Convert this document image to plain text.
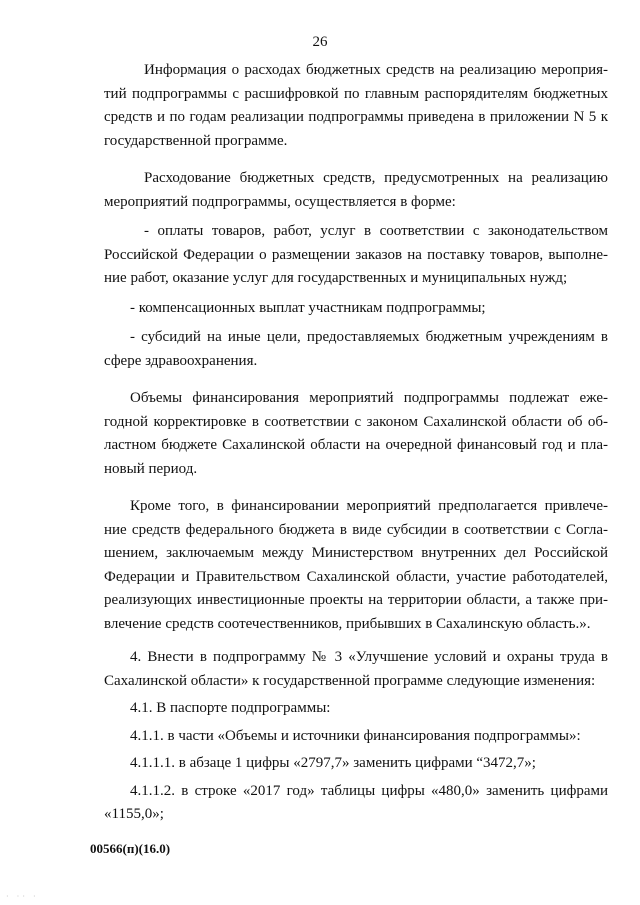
26
Информация о расходах бюджетных средств на реализацию мероприя-
тий подпрограммы с расшифровкой по главным распорядителям бюджетных
средств и по годам реализации подпрограммы приведена в приложении N 5 к
государственной программе.
Расходование бюджетных средств, предусмотренных на реализацию
мероприятий подпрограммы, осуществляется в форме:
- оплаты товаров, работ, услуг в соответствии с законодательством
Российской Федерации о размещении заказов на поставку товаров, выполне-
ние работ, оказание услуг для государственных и муниципальных нужд;
- компенсационных выплат участникам подпрограммы;
- субсидий на иные цели, предоставляемых бюджетным учреждениям в
сфере здравоохранения.
Объемы финансирования мероприятий подпрограммы подлежат еже-
годной корректировке в соответствии с законом Сахалинской области об об-
ластном бюджете Сахалинской области на очередной финансовый год и пла-
новый период.
Кроме того, в финансировании мероприятий предполагается привлече-
ние средств федерального бюджета в виде субсидии в соответствии с Согла-
шением, заключаемым между Министерством внутренних дел Российской
Федерации и Правительством Сахалинской области, участие работодателей,
реализующих инвестиционные проекты на территории области, а также при-
влечение средств соотечественников, прибывших в Сахалинскую область.».
4. Внести в подпрограмму № 3 «Улучшение условий и охраны труда в
Сахалинской области» к государственной программе следующие изменения:
4.1. В паспорте подпрограммы:
4.1.1. в части «Объемы и источники финансирования подпрограммы»:
4.1.1.1. в абзаце 1 цифры «2797,7» заменить цифрами “3472,7»;
4.1.1.2. в строке «2017 год» таблицы цифры «480,0» заменить цифрами
«1155,0»;
00566(п)(16.0)
· ·· ·
